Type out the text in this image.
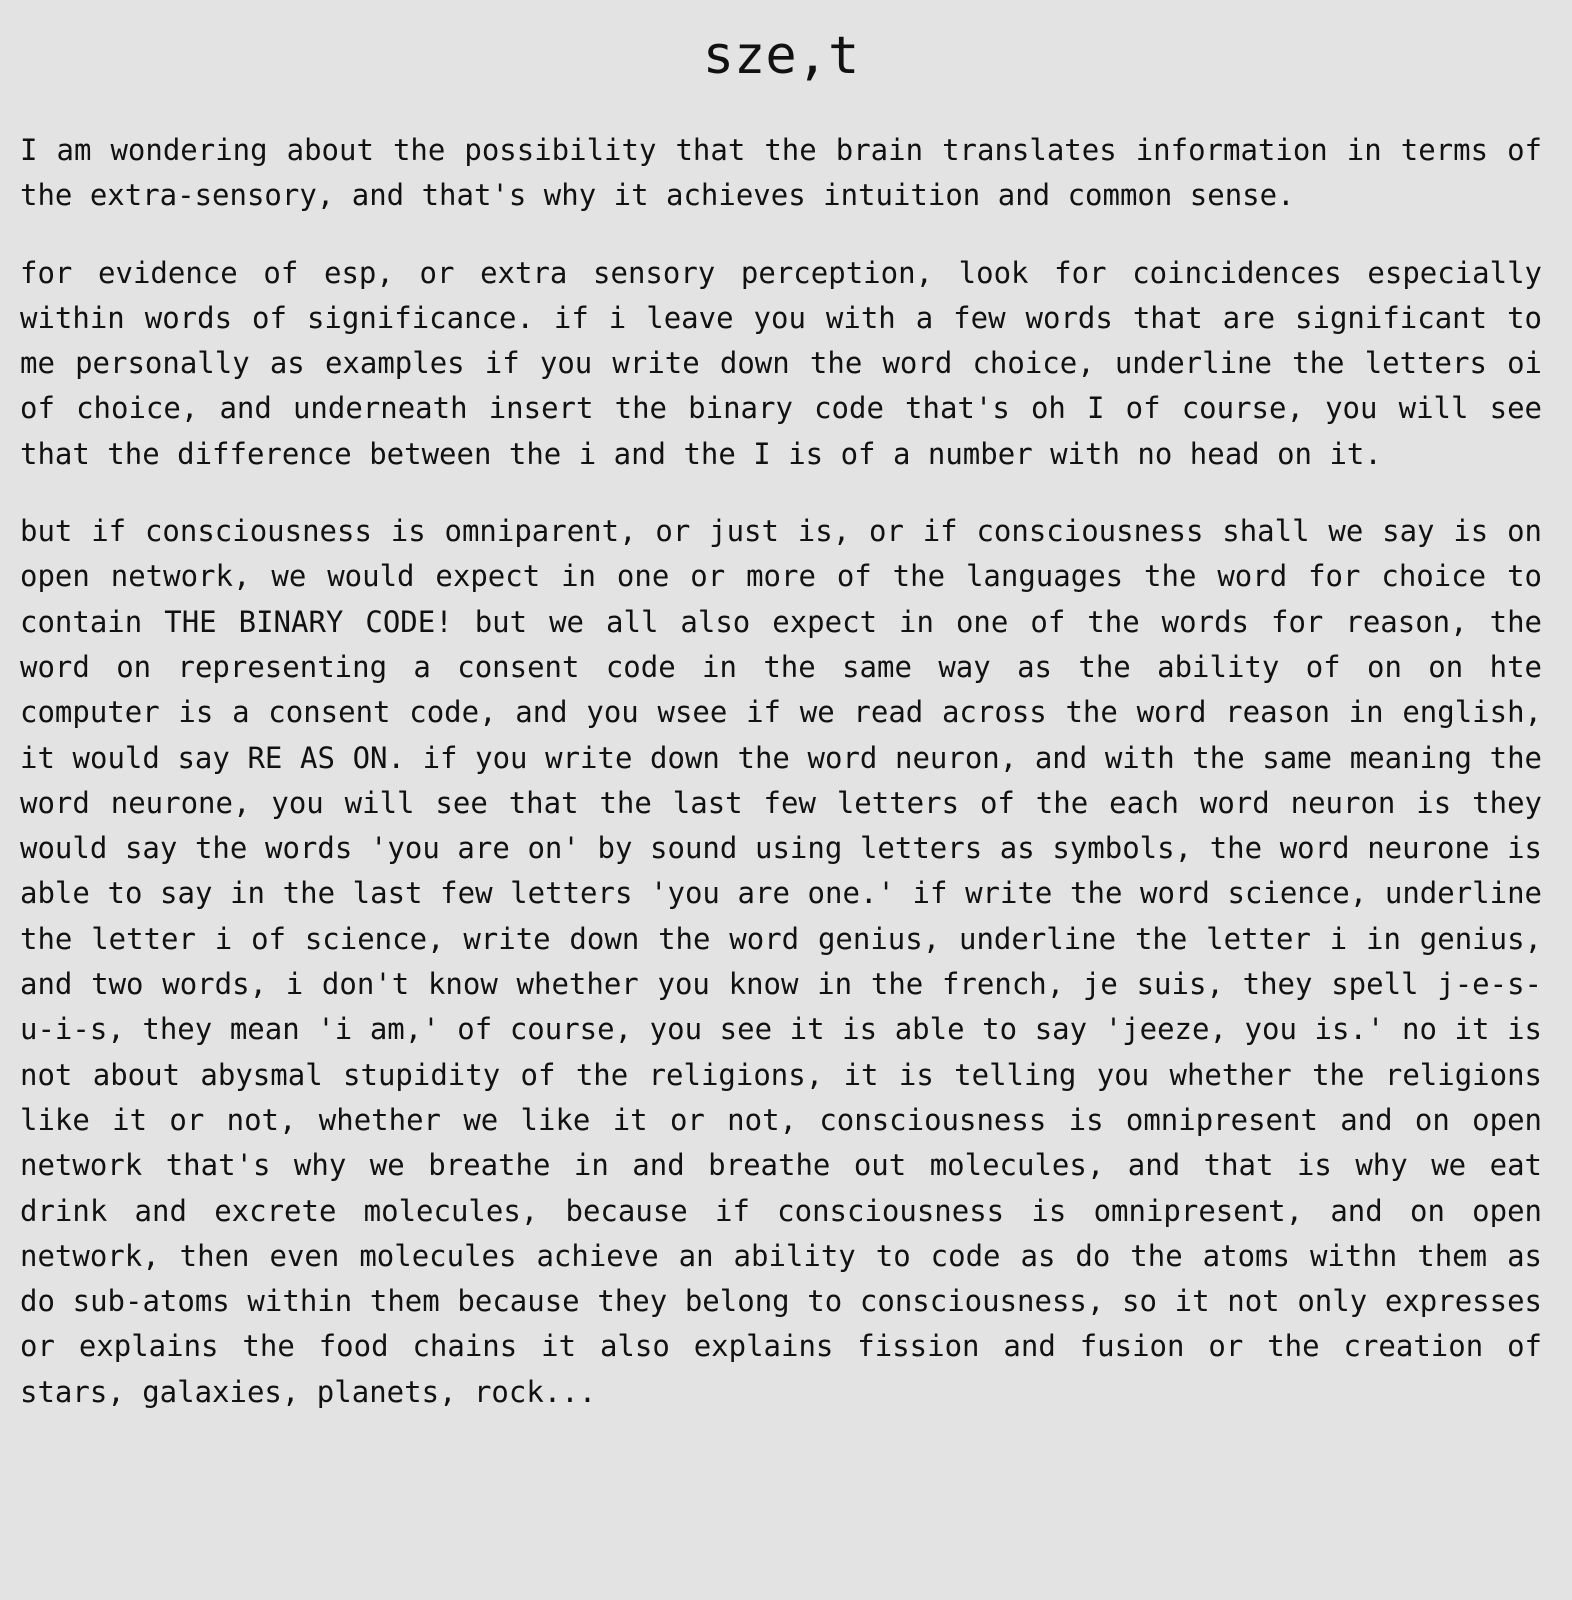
sze,t

I am wondering about the possibility that the brain translates information in terms of the extra-sensory, and that's why it achieves intuition and common sense.

for evidence of esp, or extra sensory perception, look for coincidences especially within words of significance. if i leave you with a few words that are significant to me personally as examples if you write down the word choice, underline the letters oi of choice, and underneath insert the binary code that's oh I of course, you will see that the difference between the i and the I is of a number with no head on it.

but if consciousness is omniparent, or just is, or if consciousness shall we say is on open network, we would expect in one or more of the languages the word for choice to contain THE BINARY CODE! but we all also expect in one of the words for reason, the word on representing a consent code in the same way as the ability of on on hte computer is a consent code, and you wsee if we read across the word reason in english, it would say RE AS ON. if you write down the word neuron, and with the same meaning the word neurone, you will see that the last few letters of the each word neuron is they would say the words 'you are on' by sound using letters as symbols, the word neurone is able to say in the last few letters 'you are one.' if write the word science, underline the letter i of science, write down the word genius, underline the letter i in genius, and two words, i don't know whether you know in the french, je suis, they spell j-e-s-u-i-s, they mean 'i am,' of course, you see it is able to say 'jeeze, you is.' no it is not about abysmal stupidity of the religions, it is telling you whether the religions like it or not, whether we like it or not, consciousness is omnipresent and on open network that's why we breathe in and breathe out molecules, and that is why we eat drink and excrete molecules, because if consciousness is omnipresent, and on open network, then even molecules achieve an ability to code as do the atoms withn them as do sub-atoms within them because they belong to consciousness, so it not only expresses or explains the food chains it also explains fission and fusion or the creation of stars, galaxies, planets, rock...
